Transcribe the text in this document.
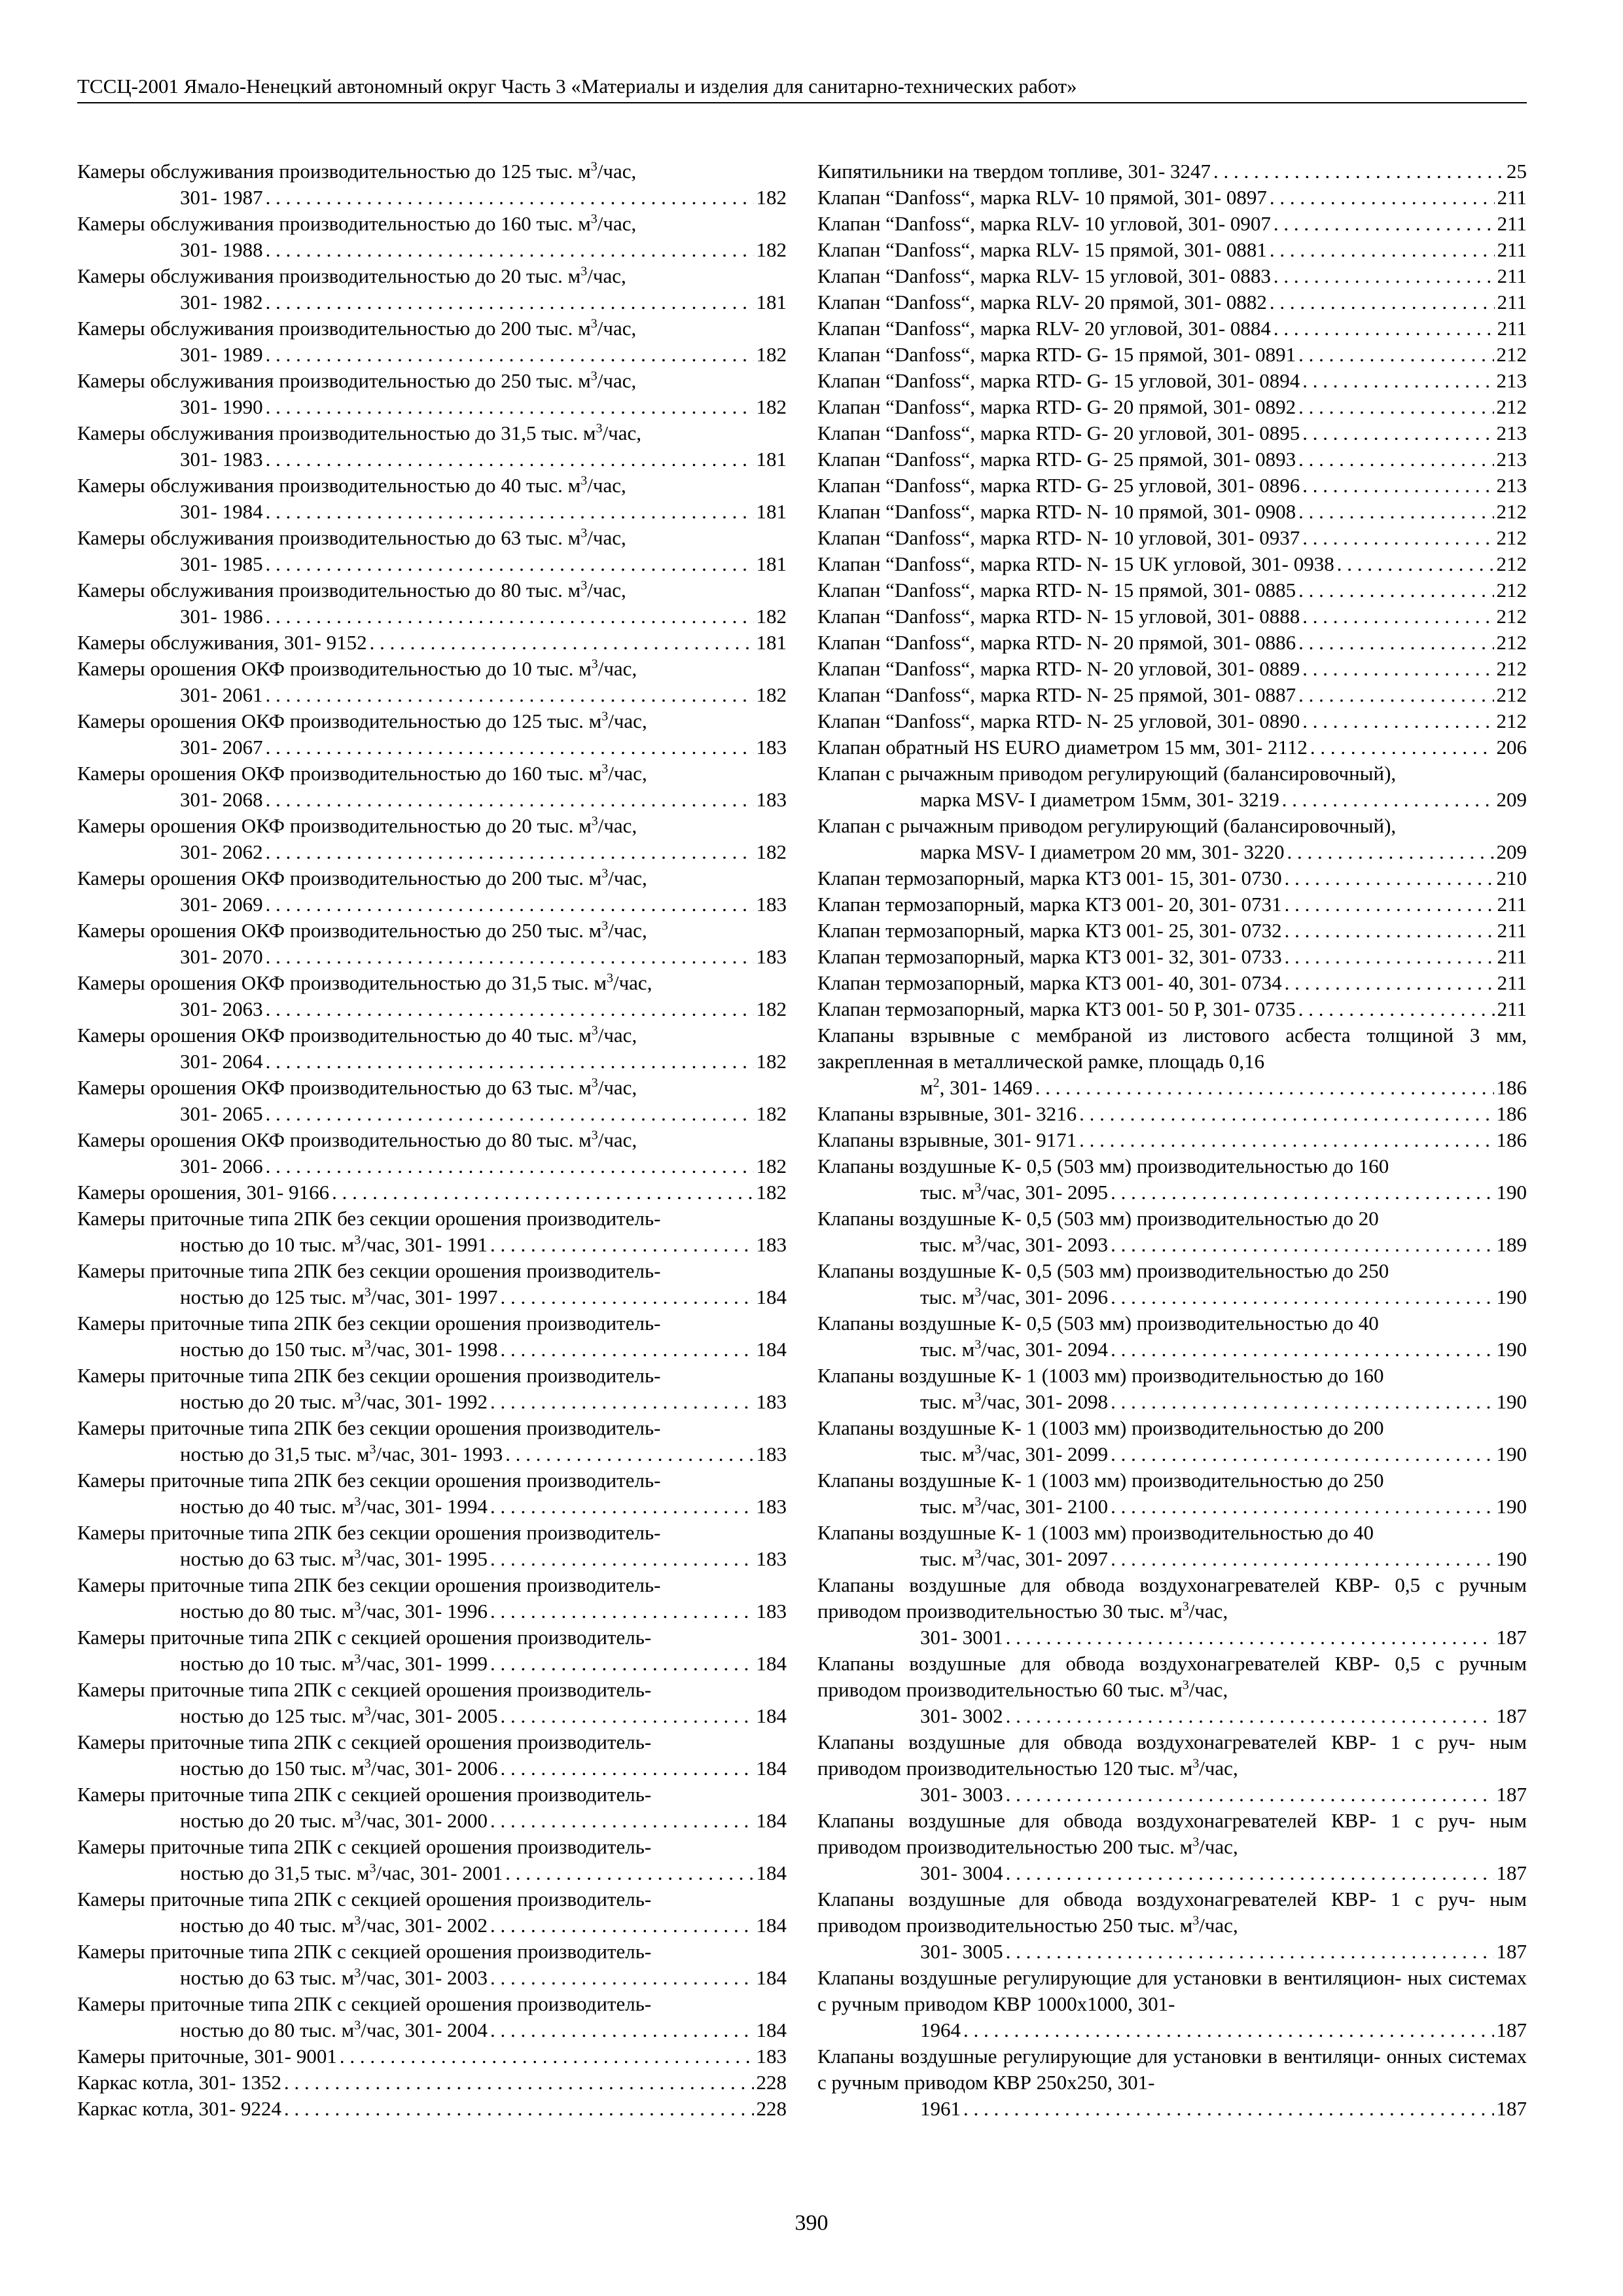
ТССЦ-2001 Ямало-Ненецкий автономный округ Часть 3 «Материалы и изделия для санитарно-технических работ»
Камеры обслуживания производительностью до 125 тыс. $м^3$/час,
301- 1987 . . .	182
Камеры обслуживания производительностью до 160 тыс. $м^3$/час,
301- 1988 . . .	182
Камеры обслуживания производительностью до 20 тыс. $м^3$/час,
301- 1982 . . .	181
Камеры обслуживания производительностью до 200 тыс. $м^3$/час,
301- 1989 . . .	182
Камеры обслуживания производительностью до 250 тыс. $м^3$/час,
301- 1990 . . .	182
Камеры обслуживания производительностью до 31,5 тыс. $м^3$/час,
301- 1983 . . .	181
Камеры обслуживания производительностью до 40 тыс. $м^3$/час,
301- 1984 . . .	181
Камеры обслуживания производительностью до 63 тыс. $м^3$/час,
301- 1985 . . .	181
Камеры обслуживания производительностью до 80 тыс. $м^3$/час,
301- 1986 . . .	182
Камеры обслуживания, 301- 9152 . . .	181
Камеры орошения ОКФ производительностью до 10 тыс. $м^3$/час,
301- 2061 . . .	182
Камеры орошения ОКФ производительностью до 125 тыс. $м^3$/час,
301- 2067 . . .	183
Камеры орошения ОКФ производительностью до 160 тыс. $м^3$/час,
301- 2068 . . .	183
Камеры орошения ОКФ производительностью до 20 тыс. $м^3$/час,
301- 2062 . . .	182
Камеры орошения ОКФ производительностью до 200 тыс. $м^3$/час,
301- 2069 . . .	183
Камеры орошения ОКФ производительностью до 250 тыс. $м^3$/час,
301- 2070 . . .	183
Камеры орошения ОКФ производительностью до 31,5 тыс. $м^3$/час,
301- 2063 . . .	182
Камеры орошения ОКФ производительностью до 40 тыс. $м^3$/час,
301- 2064 . . .	182
Камеры орошения ОКФ производительностью до 63 тыс. $м^3$/час,
301- 2065 . . .	182
Камеры орошения ОКФ производительностью до 80 тыс. $м^3$/час,
301- 2066 . . .	182
Камеры орошения, 301- 9166 . . .	182
Камеры приточные типа 2ПК без секции орошения производитель-
ностью до 10 тыс. $м^3$/час, 301- 1991 . . .	183
Камеры приточные типа 2ПК без секции орошения производитель-
ностью до 125 тыс. $м^3$/час, 301- 1997 . . .	184
Камеры приточные типа 2ПК без секции орошения производитель-
ностью до 150 тыс. $м^3$/час, 301- 1998 . . .	184
Камеры приточные типа 2ПК без секции орошения производитель-
ностью до 20 тыс. $м^3$/час, 301- 1992 . . .	183
Камеры приточные типа 2ПК без секции орошения производитель-
ностью до 31,5 тыс. $м^3$/час, 301- 1993 . . .	183
Камеры приточные типа 2ПК без секции орошения производитель-
ностью до 40 тыс. $м^3$/час, 301- 1994 . . .	183
Камеры приточные типа 2ПК без секции орошения производитель-
ностью до 63 тыс. $м^3$/час, 301- 1995 . . .	183
Камеры приточные типа 2ПК без секции орошения производитель-
ностью до 80 тыс. $м^3$/час, 301- 1996 . . .	183
Камеры приточные типа 2ПК с секцией орошения производитель-
ностью до 10 тыс. $м^3$/час, 301- 1999 . . .	184
Камеры приточные типа 2ПК с секцией орошения производитель-
ностью до 125 тыс. $м^3$/час, 301- 2005 . . .	184
Камеры приточные типа 2ПК с секцией орошения производитель-
ностью до 150 тыс. $м^3$/час, 301- 2006 . . .	184
Камеры приточные типа 2ПК с секцией орошения производитель-
ностью до 20 тыс. $м^3$/час, 301- 2000 . . .	184
Камеры приточные типа 2ПК с секцией орошения производитель-
ностью до 31,5 тыс. $м^3$/час, 301- 2001 . . .	184
Камеры приточные типа 2ПК с секцией орошения производитель-
ностью до 40 тыс. $м^3$/час, 301- 2002 . . .	184
Камеры приточные типа 2ПК с секцией орошения производитель-
ностью до 63 тыс. $м^3$/час, 301- 2003 . . .	184
Камеры приточные типа 2ПК с секцией орошения производитель-
ностью до 80 тыс. $м^3$/час, 301- 2004 . . .	184
Камеры приточные, 301- 9001 . . .	183
Каркас котла, 301- 1352 . . .	228
Каркас котла, 301- 9224 . . .	228
Кипятильники на твердом топливе, 301- 3247 . . .	25
Клапан “Danfoss“, марка RLV- 10 прямой, 301- 0897 . . .	211
Клапан “Danfoss“, марка RLV- 10 угловой, 301- 0907 . . .	211
Клапан “Danfoss“, марка RLV- 15 прямой, 301- 0881 . . .	211
Клапан “Danfoss“, марка RLV- 15 угловой, 301- 0883 . . .	211
Клапан “Danfoss“, марка RLV- 20 прямой, 301- 0882 . . .	211
Клапан “Danfoss“, марка RLV- 20 угловой, 301- 0884 . . .	211
Клапан “Danfoss“, марка RTD- G- 15 прямой, 301- 0891 . . .	212
Клапан “Danfoss“, марка RTD- G- 15 угловой, 301- 0894 . . .	213
Клапан “Danfoss“, марка RTD- G- 20 прямой, 301- 0892 . . .	212
Клапан “Danfoss“, марка RTD- G- 20 угловой, 301- 0895 . . .	213
Клапан “Danfoss“, марка RTD- G- 25 прямой, 301- 0893 . . .	213
Клапан “Danfoss“, марка RTD- G- 25 угловой, 301- 0896 . . .	213
Клапан “Danfoss“, марка RTD- N- 10 прямой, 301- 0908 . . .	212
Клапан “Danfoss“, марка RTD- N- 10 угловой, 301- 0937 . . .	212
Клапан “Danfoss“, марка RTD- N- 15 UK угловой, 301- 0938 . . .	212
Клапан “Danfoss“, марка RTD- N- 15 прямой, 301- 0885 . . .	212
Клапан “Danfoss“, марка RTD- N- 15 угловой, 301- 0888 . . .	212
Клапан “Danfoss“, марка RTD- N- 20 прямой, 301- 0886 . . .	212
Клапан “Danfoss“, марка RTD- N- 20 угловой, 301- 0889 . . .	212
Клапан “Danfoss“, марка RTD- N- 25 прямой, 301- 0887 . . .	212
Клапан “Danfoss“, марка RTD- N- 25 угловой, 301- 0890 . . .	212
Клапан обратный HS EURO диаметром 15 мм, 301- 2112 . . .	206
Клапан с рычажным приводом регулирующий (балансировочный),
марка MSV- I диаметром 15мм, 301- 3219 . . .	209
Клапан с рычажным приводом регулирующий (балансировочный),
марка MSV- I диаметром 20 мм, 301- 3220 . . .	209
Клапан термозапорный, марка КТЗ 001- 15, 301- 0730 . . .	210
Клапан термозапорный, марка КТЗ 001- 20, 301- 0731 . . .	211
Клапан термозапорный, марка КТЗ 001- 25, 301- 0732 . . .	211
Клапан термозапорный, марка КТЗ 001- 32, 301- 0733 . . .	211
Клапан термозапорный, марка КТЗ 001- 40, 301- 0734 . . .	211
Клапан термозапорный, марка КТЗ 001- 50 Р, 301- 0735 . . .	211
Клапаны взрывные с мембраной из листового асбеста толщиной 3 мм, закрепленная в металлической рамке, площадь 0,16
$м^2$, 301- 1469 . . .	186
Клапаны взрывные, 301- 3216 . . .	186
Клапаны взрывные, 301- 9171 . . .	186
Клапаны воздушные К- 0,5 (503 мм) производительностью до 160
тыс. $м^3$/час, 301- 2095 . . .	190
Клапаны воздушные К- 0,5 (503 мм) производительностью до 20
тыс. $м^3$/час, 301- 2093 . . .	189
Клапаны воздушные К- 0,5 (503 мм) производительностью до 250
тыс. $м^3$/час, 301- 2096 . . .	190
Клапаны воздушные К- 0,5 (503 мм) производительностью до 40
тыс. $м^3$/час, 301- 2094 . . .	190
Клапаны воздушные К- 1 (1003 мм) производительностью до 160
тыс. $м^3$/час, 301- 2098 . . .	190
Клапаны воздушные К- 1 (1003 мм) производительностью до 200
тыс. $м^3$/час, 301- 2099 . . .	190
Клапаны воздушные К- 1 (1003 мм) производительностью до 250
тыс. $м^3$/час, 301- 2100 . . .	190
Клапаны воздушные К- 1 (1003 мм) производительностью до 40
тыс. $м^3$/час, 301- 2097 . . .	190
Клапаны воздушные для обвода воздухонагревателей КВР- 0,5 с ручным приводом производительностью 30 тыс. $м^3$/час,
301- 3001 . . .	187
Клапаны воздушные для обвода воздухонагревателей КВР- 0,5 с ручным приводом производительностью 60 тыс. $м^3$/час,
301- 3002 . . .	187
Клапаны воздушные для обвода воздухонагревателей КВР- 1 с руч- ным приводом производительностью 120 тыс. $м^3$/час,
301- 3003 . . .	187
Клапаны воздушные для обвода воздухонагревателей КВР- 1 с руч- ным приводом производительностью 200 тыс. $м^3$/час,
301- 3004 . . .	187
Клапаны воздушные для обвода воздухонагревателей КВР- 1 с руч- ным приводом производительностью 250 тыс. $м^3$/час,
301- 3005 . . .	187
Клапаны воздушные регулирующие для установки в вентиляцион- ных системах с ручным приводом КВР 1000х1000, 301-
1964 . . .	187
Клапаны воздушные регулирующие для установки в вентиляци- онных системах с ручным приводом КВР 250х250, 301-
1961 . . .	187
390
